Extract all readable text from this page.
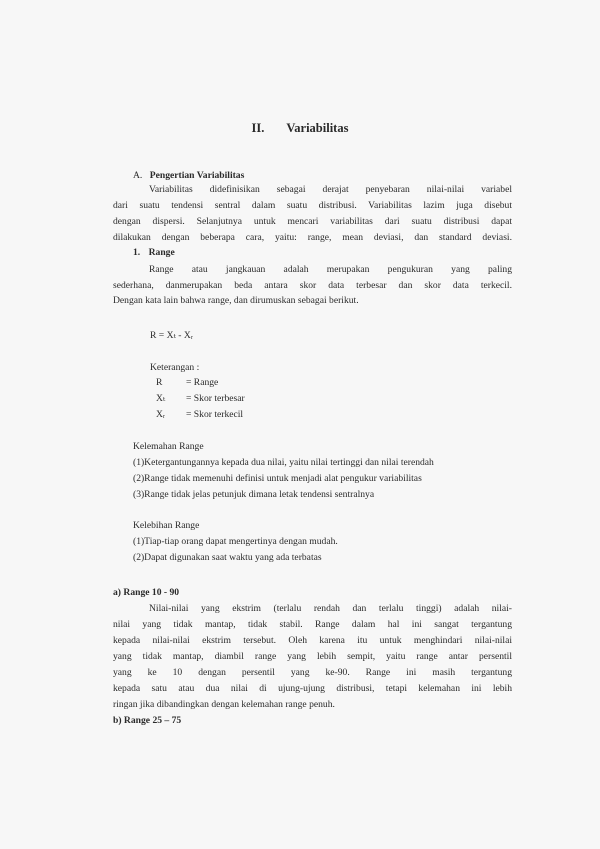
II. Variabilitas
A. Pengertian Variabilitas
Variabilitas didefinisikan sebagai derajat penyebaran nilai-nilai variabel
dari suatu tendensi sentral dalam suatu distribusi. Variabilitas lazim juga disebut
dengan dispersi. Selanjutnya untuk mencari variabilitas dari suatu distribusi dapat
dilakukan dengan beberapa cara, yaitu: range, mean deviasi, dan standard deviasi.
1. Range
Range atau jangkauan adalah merupakan pengukuran yang paling
sederhana, danmerupakan beda antara skor data terbesar dan skor data terkecil.
Dengan kata lain bahwa range, dan dirumuskan sebagai berikut.
R = Xₜ - Xᵣ
Keterangan :
R = Range
Xₜ = Skor terbesar
Xᵣ = Skor terkecil
Kelemahan Range
(1)Ketergantungannya kepada dua nilai, yaitu nilai tertinggi dan nilai terendah
(2)Range tidak memenuhi definisi untuk menjadi alat pengukur variabilitas
(3)Range tidak jelas petunjuk dimana letak tendensi sentralnya
Kelebihan Range
(1)Tiap-tiap orang dapat mengertinya dengan mudah.
(2)Dapat digunakan saat waktu yang ada terbatas
a) Range 10 - 90
Nilai-nilai yang ekstrim (terlalu rendah dan terlalu tinggi) adalah nilai-
nilai yang tidak mantap, tidak stabil. Range dalam hal ini sangat tergantung
kepada nilai-nilai ekstrim tersebut. Oleh karena itu untuk menghindari nilai-nilai
yang tidak mantap, diambil range yang lebih sempit, yaitu range antar persentil
yang ke 10 dengan persentil yang ke-90. Range ini masih tergantung
kepada satu atau dua nilai di ujung-ujung distribusi, tetapi kelemahan ini lebih
ringan jika dibandingkan dengan kelemahan range penuh.
b) Range 25 – 75
